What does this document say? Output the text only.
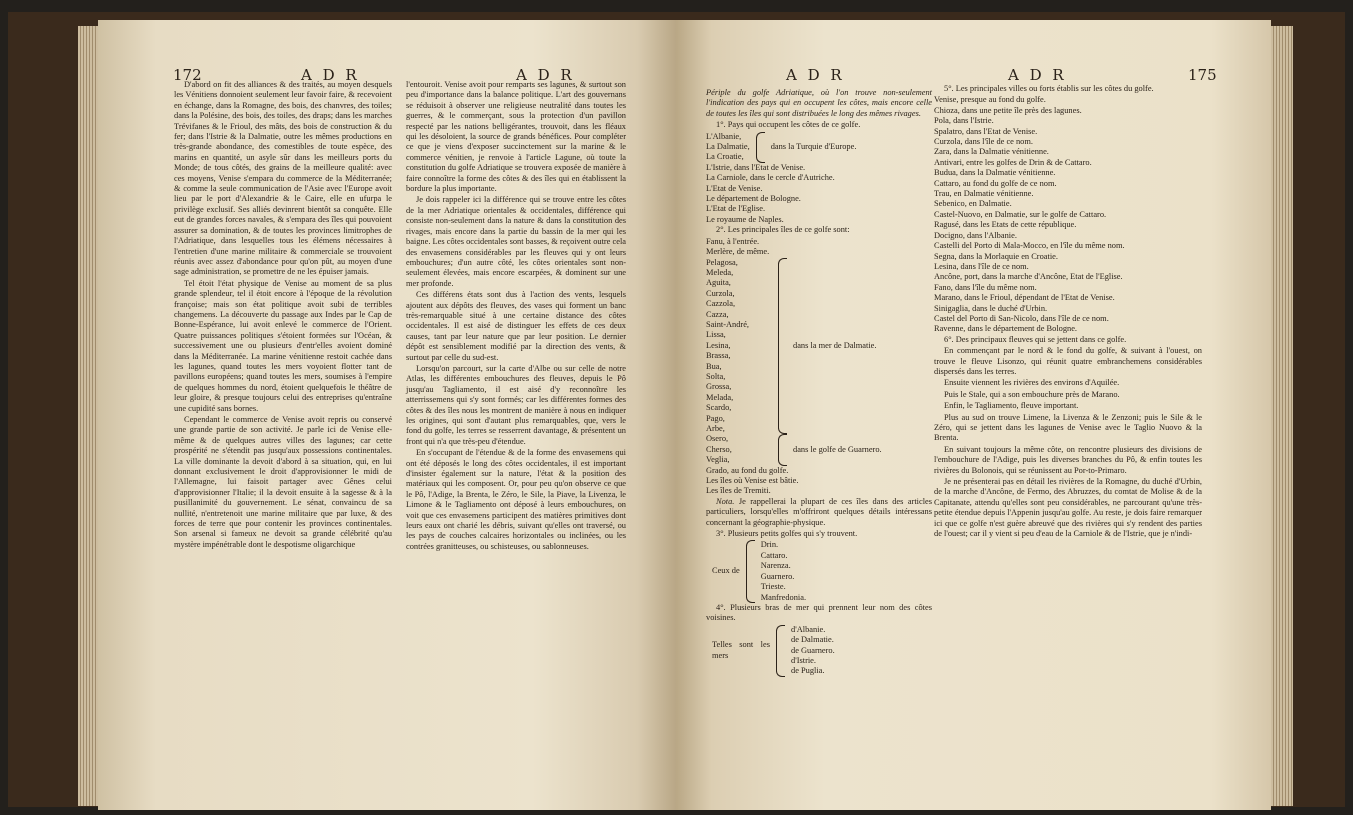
172	A D R	A D R

D'abord on fit des alliances & des traités, au moyen desquels les Vénitiens donnoient seulement leur favoir faire, & recevoient en échange, dans la Romagne, des bois, des chanvres, des toiles; dans la Polésine, des bois, des toiles, des draps; dans les marches Trévifanes & le Frioul, des mâts, des bois de construction & du fer; dans l'Istrie & la Dalmatie, outre les mêmes productions en très-grande abondance, des comestibles de toute espèce, des marins en quantité, un asyle sûr dans les meilleurs ports du Monde; de tous côtés, des grains de la meilleure qualité: avec ces moyens, Venise s'empara du commerce de la Méditerranée; & comme la seule communication de l'Asie avec l'Europe avoit lieu par le port d'Alexandrie & le Caire, elle en ufurpa le privilège exclusif. Ses alliés devinrent bientôt sa conquête. Elle eut de grandes forces navales, & s'empara des îles qui pouvoient assurer sa domination, & de toutes les provinces limitrophes de l'Adriatique, dans lesquelles tous les élémens nécessaires à l'entretien d'une marine militaire & commerciale se trouvoient réunis avec assez d'abondance pour qu'on pût, au moyen d'une sage administration, se promettre de ne les épuiser jamais.

Tel étoit l'état physique de Venise au moment de sa plus grande splendeur, tel il étoit encore à l'époque de la révolution françoise; mais son état politique avoit subi de terribles changemens. La découverte du passage aux Indes par le Cap de Bonne-Espérance, lui avoit enlevé le commerce de l'Orient. Quatre puissances politiques s'étoient formées sur l'Océan, & successivement une ou plusieurs d'entr'elles avoient dominé dans la Méditerranée. La marine vénitienne restoit cachée dans les lagunes, quand toutes les mers voyoient flotter tant de pavillons européens; quand toutes les mers, soumises à l'empire de quelques hommes du nord, étoient quelquefois le théâtre de leur gloire, & presque toujours celui des entreprises qu'entraîne une cupidité sans bornes.

Cependant le commerce de Venise avoit repris ou conservé une grande partie de son activité. Je parle ici de Venise elle-même & de quelques autres villes des lagunes; car cette prospérité ne s'étendit pas jusqu'aux possessions continentales. La ville dominante la devoit d'abord à sa situation, qui, en lui donnant exclusivement le droit d'approvisionner le midi de l'Allemagne, lui faisoit partager avec Gênes celui d'approvisionner l'Italie; il la devoit ensuite à la sagesse & à la pusillanimité du gouvernement. Le sénat, convaincu de sa nullité, n'entretenoit une marine militaire que par luxe, & des forces de terre que pour contenir les provinces continentales. Son arsenal si fameux ne devoit sa grande célébrité qu'au mystère impénétrable dont le despotisme oligarchique

l'entouroit. Venise avoit pour remparts ses lagunes, & surtout son peu d'importance dans la balance politique. L'art des gouvernans se réduisoit à observer une religieuse neutralité dans toutes les guerres, & le commerçant, sous la protection d'un pavillon respecté par les nations belligérantes, trouvoit, dans les fléaux qui les désoloient, la source de grands bénéfices. Pour compléter ce que je viens d'exposer succinctement sur la marine & le commerce vénitien, je renvoie à l'article Lagune, où toute la constitution du golfe Adriatique se trouvera exposée de manière à faire connoître la forme des côtes & des îles qui en établissent la bordure la plus importante.

Je dois rappeler ici la différence qui se trouve entre les côtes de la mer Adriatique orientales & occidentales, différence qui consiste non-seulement dans la nature & dans la constitution des rivages, mais encore dans la partie du bassin de la mer qui les baigne. Les côtes occidentales sont basses, & reçoivent outre cela des envasemens considérables par les fleuves qui y ont leurs embouchures; d'un autre côté, les côtes orientales sont non-seulement élevées, mais encore escarpées, & dominent sur une mer profonde.

Ces différens états sont dus à l'action des vents, lesquels ajoutent aux dépôts des fleuves, des vases qui forment un banc très-remarquable situé à une certaine distance des côtes occidentales. Il est aisé de distinguer les effets de ces deux causes, tant par leur nature que par leur position. Le dernier dépôt est sensiblement modifié par la direction des vents, & surtout par celle du sud-est.

Lorsqu'on parcourt, sur la carte d'Albe ou sur celle de notre Atlas, les différentes embouchures des fleuves, depuis le Pô jusqu'au Tagliamento, il est aisé d'y reconnoître les atterrissemens qui s'y sont formés; car les différentes formes des côtes & des îles nous les montrent de manière à nous en indiquer les origines, qui sont d'autant plus remarquables, que, vers le fond du golfe, les terres se resserrent davantage, & présentent un front qui n'a que très-peu d'étendue.

En s'occupant de l'étendue & de la forme des envasemens qui ont été déposés le long des côtes occidentales, il est important d'insister également sur la nature, l'état & la position des matériaux qui les composent. Or, pour peu qu'on observe ce que le Pô, l'Adige, la Brenta, le Zéro, le Sile, la Piave, la Livenza, le Limone & le Tagliamento ont déposé à leurs embouchures, on voit que ces envasemens participent des matières primitives dont leurs eaux ont charié les débris, suivant qu'elles ont traversé, ou les pays de couches calcaires horizontales ou inclinées, ou les contrées granitteuses, ou schisteuses, ou sablonneuses.

A D R	A D R	175

Périple du golfe Adriatique, où l'on trouve non-seulement l'indication des pays qui en occupent les côtes, mais encore celle de toutes les îles qui sont distribuées le long des mêmes rivages.

1°. Pays qui occupent les côtes de ce golfe.

L'Albanie,
La Dalmatie,
La Croatie,
dans la Turquie d'Europe.
L'Istrie, dans l'Etat de Venise.
La Carniole, dans le cercle d'Autriche.
L'Etat de Venise.
Le département de Bologne.
L'Etat de l'Eglise.
Le royaume de Naples.

2°. Les principales îles de ce golfe sont:

Fanu, à l'entrée.
Merlère, de même.
Pelagosa,
Meleda,
Aguita,
Curzola,
Cazzola,
Cazza,
Saint-André,
Lissa,
Lesina,
Brassa,
Bua,
Solta,
Grossa,
Melada,
Scardo,
Pago,
Arbe,
dans la mer de Dalmatie.
Osero,
Cherso,
Veglia,
dans le golfe de Guarnero.
Grado, au fond du golfe.
Les îles où Venise est bâtie.
Les îles de Tremiti.

Nota. Je rappellerai la plupart de ces îles dans des articles particuliers, lorsqu'elles m'offriront quelques détails intéressans concernant la géographie-physique.

3°. Plusieurs petits golfes qui s'y trouvent.

Ceux de
Drin.
Cattaro.
Narenza.
Guarnero.
Trieste.
Manfredonia.

4°. Plusieurs bras de mer qui prennent leur nom des côtes voisines.

Telles sont les mers
d'Albanie.
de Dalmatie.
de Guarnero.
d'Istrie.
de Puglia.

5°. Les principales villes ou forts établis sur les côtes du golfe.

Venise, presque au fond du golfe.
Chioza, dans une petite île près des lagunes.
Pola, dans l'Istrie.
Spalatro, dans l'Etat de Venise.
Curzola, dans l'île de ce nom.
Zara, dans la Dalmatie vénitienne.
Antivari, entre les golfes de Drin & de Cattaro.
Budua, dans la Dalmatie vénitienne.
Cattaro, au fond du golfe de ce nom.
Trau, en Dalmatie vénitienne.
Sebenico, en Dalmatie.
Castel-Nuovo, en Dalmatie, sur le golfe de Cattaro.
Ragusé, dans les Etats de cette république.
Docigno, dans l'Albanie.
Castelli del Porto di Mala-Mocco, en l'île du même nom.
Segna, dans la Morlaquie en Croatie.
Lesina, dans l'île de ce nom.
Ancône, port, dans la marche d'Ancône, Etat de l'Eglise.
Fano, dans l'île du même nom.
Marano, dans le Frioul, dépendant de l'Etat de Venise.
Sinigaglia, dans le duché d'Urbin.
Castel del Porto di San-Nicolo, dans l'île de ce nom.
Ravenne, dans le département de Bologne.

6°. Des principaux fleuves qui se jettent dans ce golfe.

En commençant par le nord & le fond du golfe, & suivant à l'ouest, on trouve le fleuve Lisonzo, qui réunit quatre embranchemens considérables dispersés dans les terres.

Ensuite viennent les rivières des environs d'Aquilée.

Puis le Stale, qui a son embouchure près de Marano.

Enfin, le Tagliamento, fleuve important.

Plus au sud on trouve Limene, la Livenza & le Zenzoni; puis le Sile & le Zéro, qui se jettent dans les lagunes de Venise avec le Taglio Nuovo & la Brenta.

En suivant toujours la même côte, on rencontre plusieurs des divisions de l'embouchure de l'Adige, puis les diverses branches du Pô, & enfin toutes les rivières du Bolonois, qui se réunissent au Por-to-Primaro.

Je ne présenterai pas en détail les rivières de la Romagne, du duché d'Urbin, de la marche d'Ancône, de Fermo, des Abruzzes, du comtat de Molise & de la Capitanate, attendu qu'elles sont peu considérables, ne parcourant qu'une très-petite étendue depuis l'Appenin jusqu'au golfe. Au reste, je dois faire remarquer ici que ce golfe n'est guère abreuvé que des rivières qui s'y rendent des parties de l'ouest; car il y vient si peu d'eau de la Carniole & de l'Istrie, que je n'indi-
